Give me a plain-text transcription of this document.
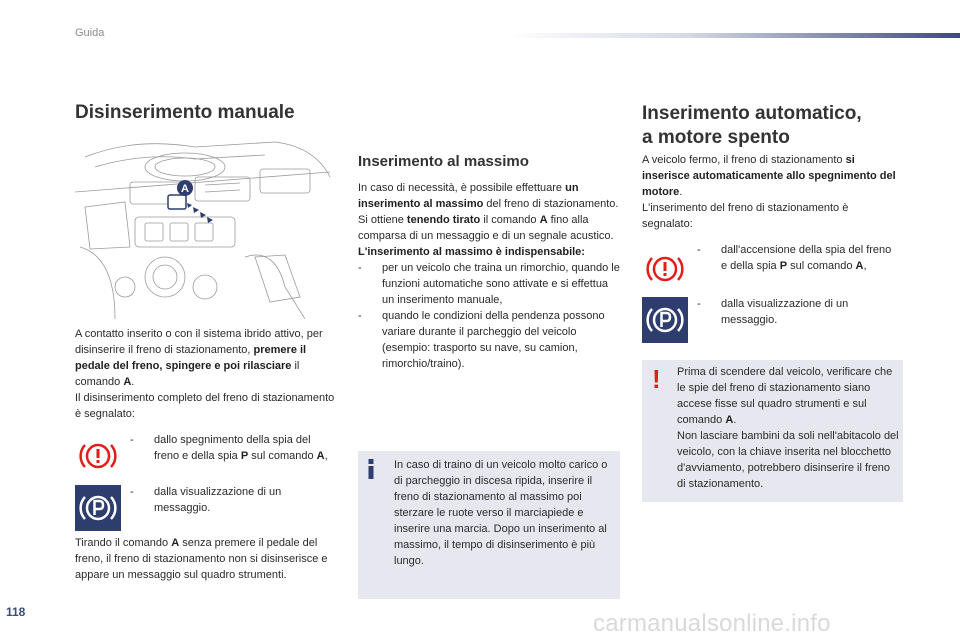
Guida
Disinserimento manuale
A
A contatto inserito o con il sistema ibrido attivo, per disinserire il freno di stazionamento, premere il pedale del freno, spingere e poi rilasciare il comando A.
Il disinserimento completo del freno di stazionamento è segnalato:
- dallo spegnimento della spia del freno e della spia P sul comando A,
- dalla visualizzazione di un messaggio.
Tirando il comando A senza premere il pedale del freno, il freno di stazionamento non si disinserisce e appare un messaggio sul quadro strumenti.
Inserimento al massimo
In caso di necessità, è possibile effettuare un inserimento al massimo del freno di stazionamento. Si ottiene tenendo tirato il comando A fino alla comparsa di un messaggio e di un segnale acustico.
L'inserimento al massimo è indispensabile:
- per un veicolo che traina un rimorchio, quando le funzioni automatiche sono attivate e si effettua un inserimento manuale,
- quando le condizioni della pendenza possono variare durante il parcheggio del veicolo (esempio: trasporto su nave, su camion, rimorchio/traino).
In caso di traino di un veicolo molto carico o di parcheggio in discesa ripida, inserire il freno di stazionamento al massimo poi sterzare le ruote verso il marciapiede e inserire una marcia. Dopo un inserimento al massimo, il tempo di disinserimento è più lungo.
Inserimento automatico,
a motore spento
A veicolo fermo, il freno di stazionamento si inserisce automaticamente allo spegnimento del motore.
L'inserimento del freno di stazionamento è segnalato:
- dall'accensione della spia del freno e della spia P sul comando A,
- dalla visualizzazione di un messaggio.
! Prima di scendere dal veicolo, verificare che le spie del freno di stazionamento siano accese fisse sul quadro strumenti e sul comando A.
Non lasciare bambini da soli nell'abitacolo del veicolo, con la chiave inserita nel blocchetto d'avviamento, potrebbero disinserire il freno di stazionamento.
118	carmanualsonline.info
